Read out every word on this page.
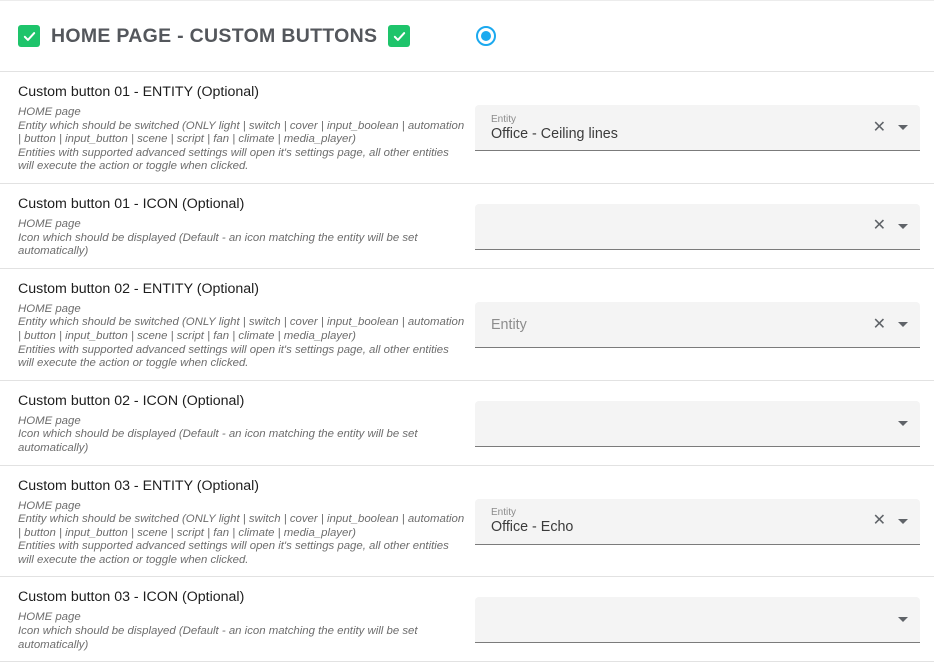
HOME PAGE - CUSTOM BUTTONS
Custom button 01 - ENTITY (Optional)
HOME page
Entity which should be switched (ONLY light | switch | cover | input_boolean | automation | button | input_button | scene | script | fan | climate | media_player)
Entities with supported advanced settings will open it's settings page, all other entities will execute the action or toggle when clicked.
Entity
Office - Ceiling lines	✕
Custom button 01 - ICON (Optional)
HOME page
Icon which should be displayed (Default - an icon matching the entity will be set automatically)
✕
Custom button 02 - ENTITY (Optional)
HOME page
Entity which should be switched (ONLY light | switch | cover | input_boolean | automation | button | input_button | scene | script | fan | climate | media_player)
Entities with supported advanced settings will open it's settings page, all other entities will execute the action or toggle when clicked.
Entity	✕
Custom button 02 - ICON (Optional)
HOME page
Icon which should be displayed (Default - an icon matching the entity will be set automatically)
Custom button 03 - ENTITY (Optional)
HOME page
Entity which should be switched (ONLY light | switch | cover | input_boolean | automation | button | input_button | scene | script | fan | climate | media_player)
Entities with supported advanced settings will open it's settings page, all other entities will execute the action or toggle when clicked.
Entity
Office - Echo	✕
Custom button 03 - ICON (Optional)
HOME page
Icon which should be displayed (Default - an icon matching the entity will be set automatically)
